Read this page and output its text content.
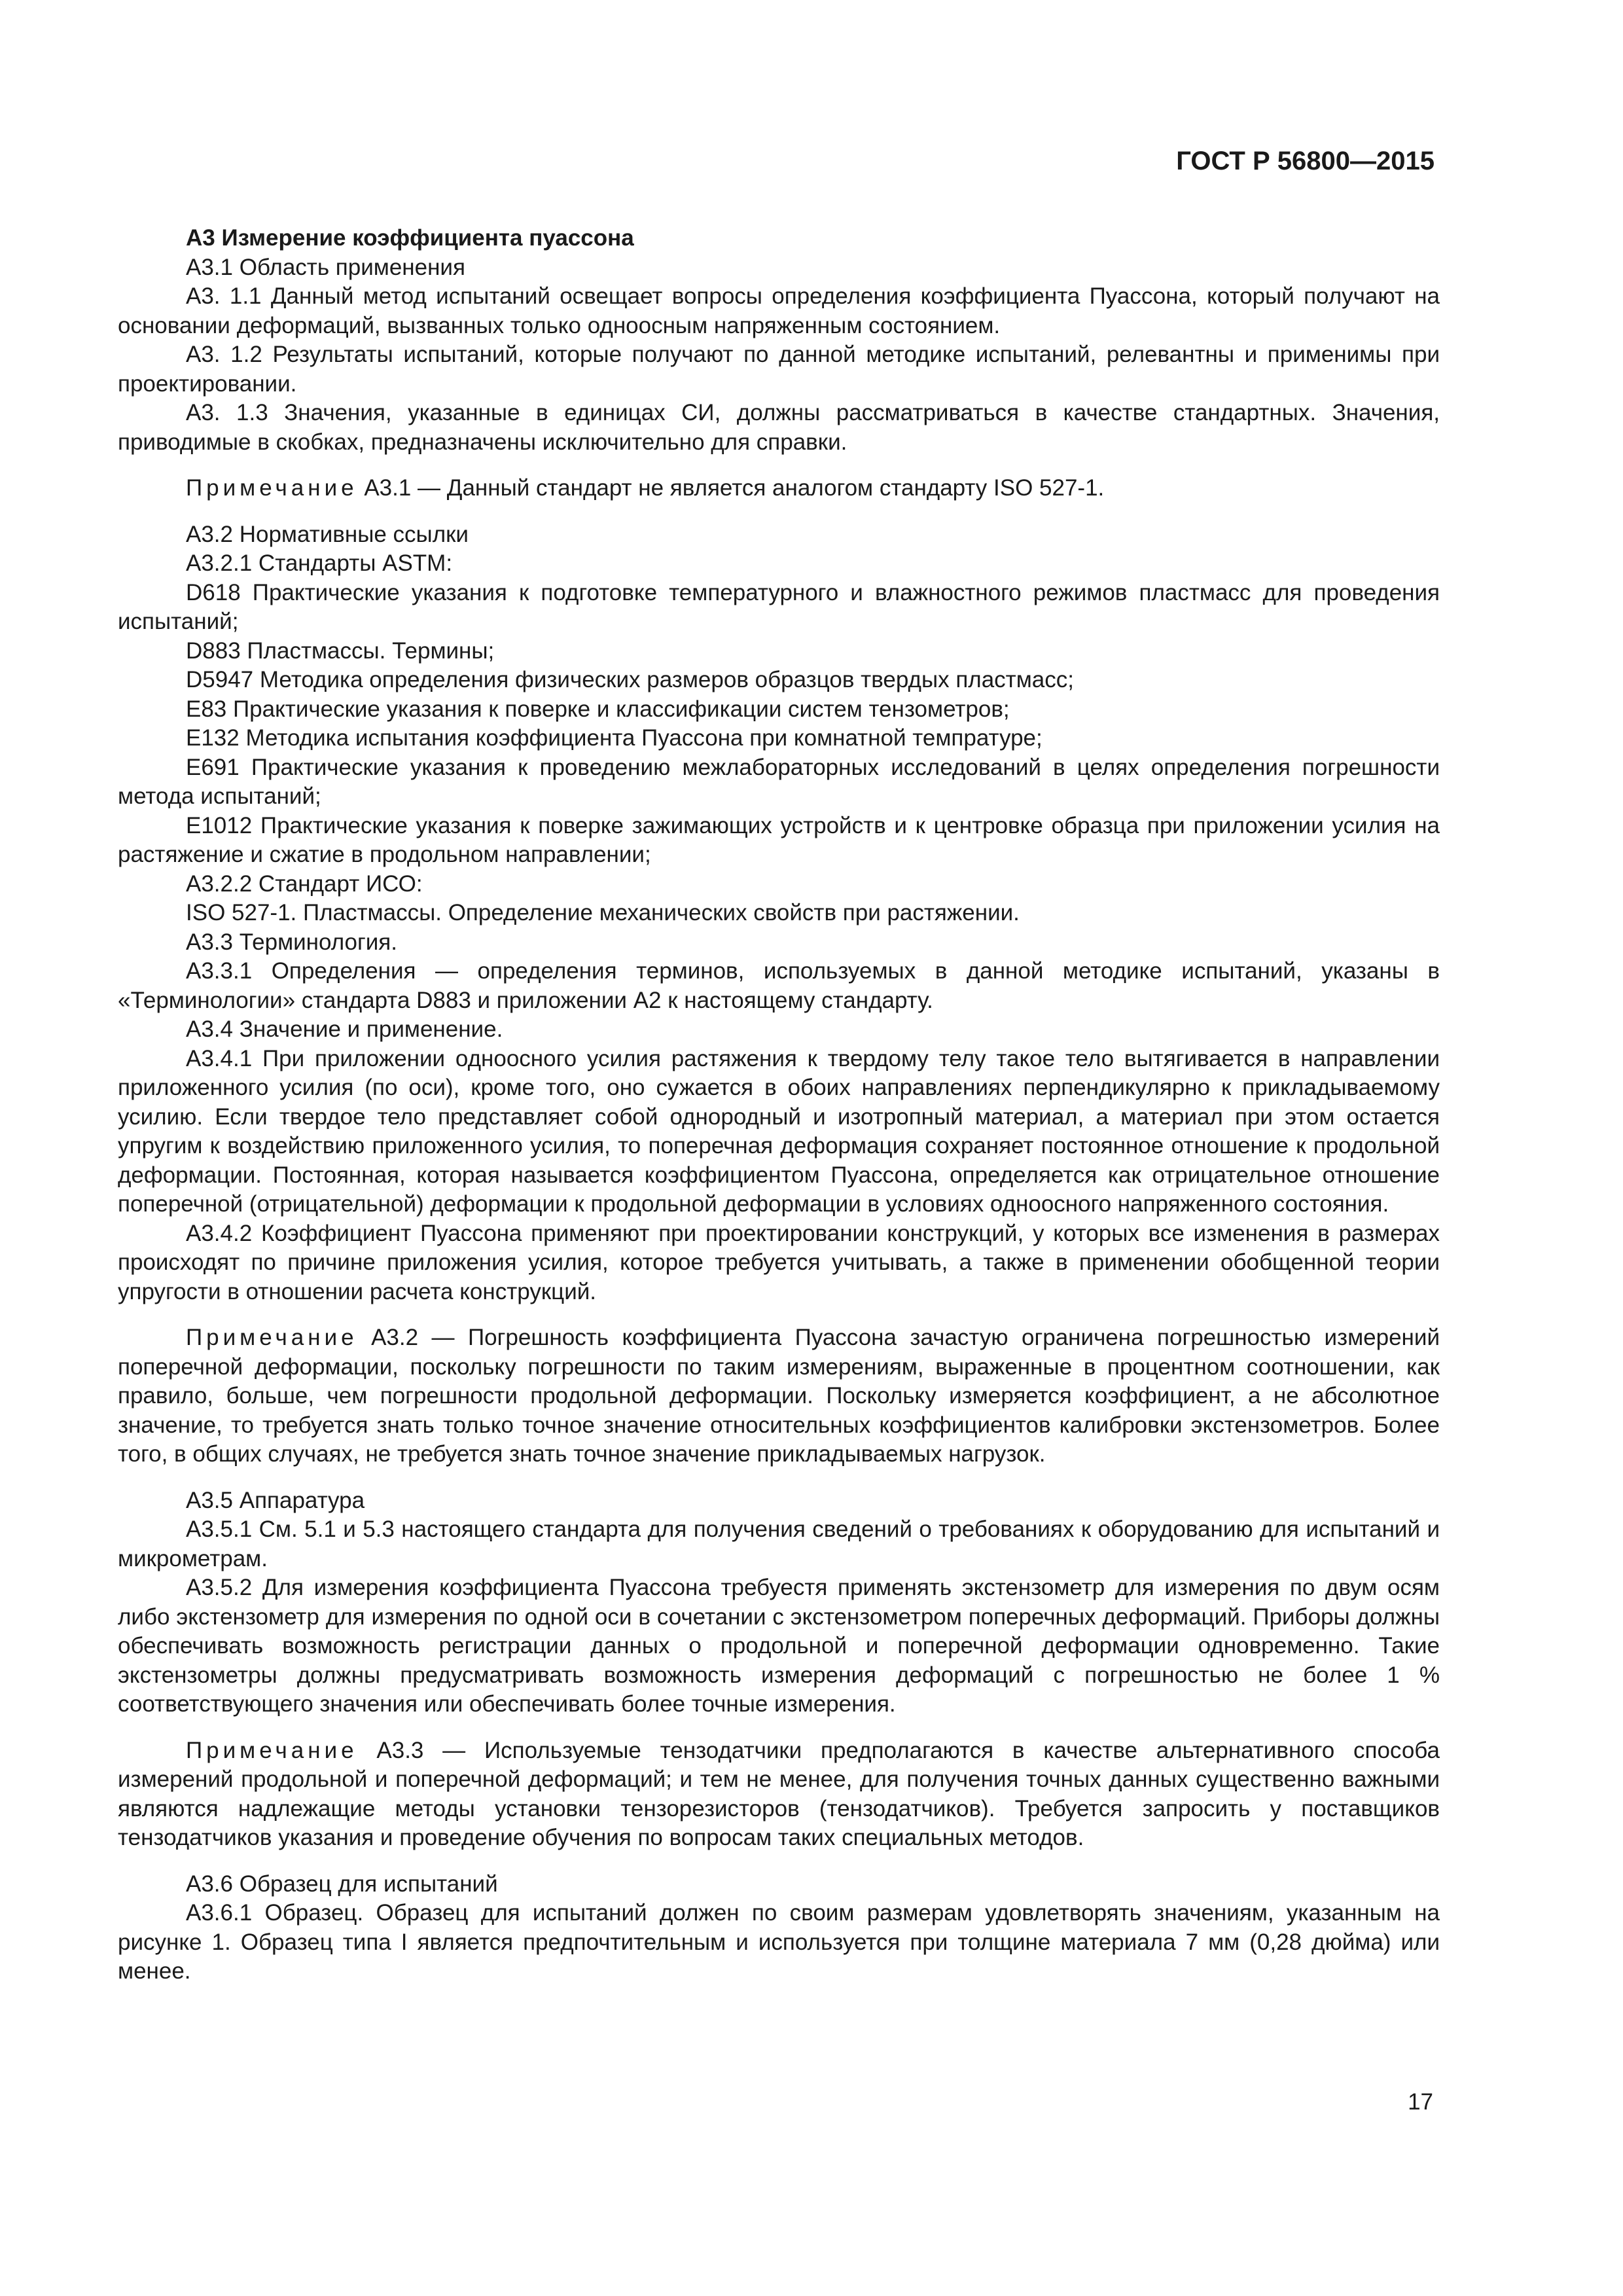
ГОСТ Р 56800—2015

А3 Измерение коэффициента пуассона

А3.1 Область применения

А3. 1.1 Данный метод испытаний освещает вопросы определения коэффициента Пуассона, который получают на основании деформаций, вызванных только одноосным напряженным состоянием.

А3. 1.2 Результаты испытаний, которые получают по данной методике испытаний, релевантны и применимы при проектировании.

А3. 1.3 Значения, указанные в единицах СИ, должны рассматриваться в качестве стандартных. Значения, приводимые в скобках, предназначены исключительно для справки.

Примечание А3.1 — Данный стандарт не является аналогом стандарту ISO 527-1.

А3.2 Нормативные ссылки

А3.2.1 Стандарты ASTM:

D618 Практические указания к подготовке температурного и влажностного режимов пластмасс для проведения испытаний;

D883 Пластмассы. Термины;

D5947 Методика определения физических размеров образцов твердых пластмасс;

Е83 Практические указания к поверке и классификации систем тензометров;

Е132 Методика испытания коэффициента Пуассона при комнатной темпратуре;

Е691 Практические указания к проведению межлабораторных исследований в целях определения погрешности метода испытаний;

Е1012 Практические указания к поверке зажимающих устройств и к центровке образца при приложении усилия на растяжение и сжатие в продольном направлении;

А3.2.2 Стандарт ИСО:

ISO 527-1. Пластмассы. Определение механических свойств при растяжении.

А3.3 Терминология.

А3.3.1 Определения — определения терминов, используемых в данной методике испытаний, указаны в «Терминологии» стандарта D883 и приложении А2 к настоящему стандарту.

А3.4 Значение и применение.

А3.4.1 При приложении одноосного усилия растяжения к твердому телу такое тело вытягивается в направлении приложенного усилия (по оси), кроме того, оно сужается в обоих направлениях перпендикулярно к прикладываемому усилию. Если твердое тело представляет собой однородный и изотропный материал, а материал при этом остается упругим к воздействию приложенного усилия, то поперечная деформация сохраняет постоянное отношение к продольной деформации. Постоянная, которая называется коэффициентом Пуассона, определяется как отрицательное отношение поперечной (отрицательной) деформации к продольной деформации в условиях одноосного напряженного состояния.

А3.4.2 Коэффициент Пуассона применяют при проектировании конструкций, у которых все изменения в размерах происходят по причине приложения усилия, которое требуется учитывать, а также в применении обобщенной теории упругости в отношении расчета конструкций.

Примечание А3.2 — Погрешность коэффициента Пуассона зачастую ограничена погрешностью измерений поперечной деформации, поскольку погрешности по таким измерениям, выраженные в процентном соотношении, как правило, больше, чем погрешности продольной деформации. Поскольку измеряется коэффициент, а не абсолютное значение, то требуется знать только точное значение относительных коэффициентов калибровки экстензометров. Более того, в общих случаях, не требуется знать точное значение прикладываемых нагрузок.

А3.5 Аппаратура

А3.5.1 См. 5.1 и 5.3 настоящего стандарта для получения сведений о требованиях к оборудованию для испытаний и микрометрам.

А3.5.2 Для измерения коэффициента Пуассона требуестя применять экстензометр для измерения по двум осям либо экстензометр для измерения по одной оси в сочетании с экстензометром поперечных деформаций. Приборы должны обеспечивать возможность регистрации данных о продольной и поперечной деформации одновременно. Такие экстензометры должны предусматривать возможность измерения деформаций с погрешностью не более 1 % соответствующего значения или обеспечивать более точные измерения.

Примечание А3.3 — Используемые тензодатчики предполагаются в качестве альтернативного способа измерений продольной и поперечной деформаций; и тем не менее, для получения точных данных существенно важными являются надлежащие методы установки тензорезисторов (тензодатчиков). Требуется запросить у поставщиков тензодатчиков указания и проведение обучения по вопросам таких специальных методов.

А3.6 Образец для испытаний

А3.6.1 Образец. Образец для испытаний должен по своим размерам удовлетворять значениям, указанным на рисунке 1. Образец типа I является предпочтительным и используется при толщине материала 7 мм (0,28 дюйма) или менее.

17
